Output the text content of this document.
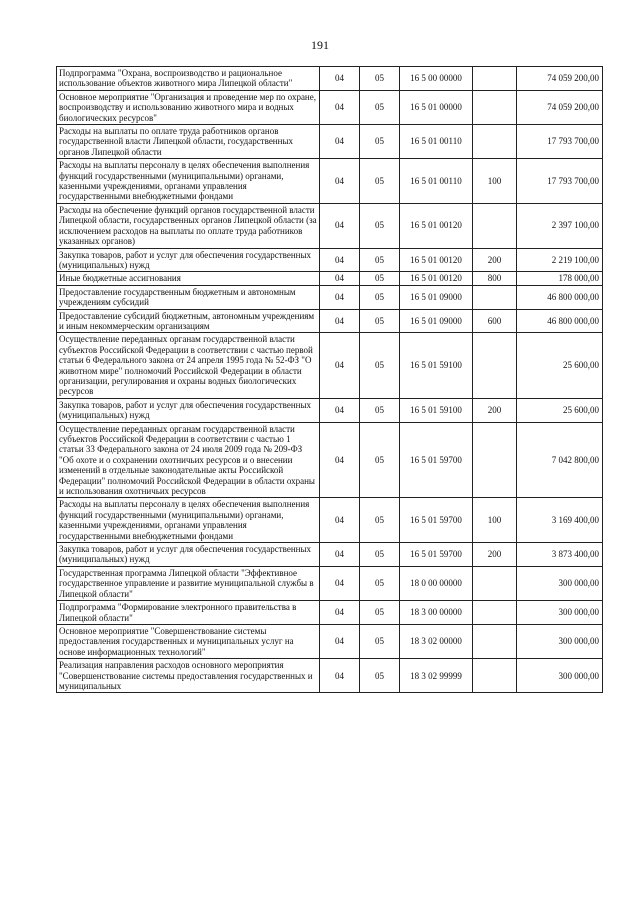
191
Подпрограмма "Охрана, воспроизводство и рациональное использование объектов животного мира Липецкой области"	04	05	16 5 00 00000		74 059 200,00
Основное мероприятие "Организация и проведение мер по охране, воспроизводству и использованию животного мира и водных биологических ресурсов"	04	05	16 5 01 00000		74 059 200,00
Расходы на выплаты по оплате труда работников органов государственной власти Липецкой области, государственных органов Липецкой области	04	05	16 5 01 00110		17 793 700,00
Расходы на выплаты персоналу в целях обеспечения выполнения функций государственными (муниципальными) органами, казенными учреждениями, органами управления государственными внебюджетными фондами	04	05	16 5 01 00110	100	17 793 700,00
Расходы на обеспечение функций органов государственной власти Липецкой области, государственных органов Липецкой области (за исключением расходов на выплаты по оплате труда работников указанных органов)	04	05	16 5 01 00120		2 397 100,00
Закупка товаров, работ и услуг для обеспечения государственных (муниципальных) нужд	04	05	16 5 01 00120	200	2 219 100,00
Иные бюджетные ассигнования	04	05	16 5 01 00120	800	178 000,00
Предоставление государственным бюджетным и автономным учреждениям субсидий	04	05	16 5 01 09000		46 800 000,00
Предоставление субсидий бюджетным, автономным учреждениям и иным некоммерческим организациям	04	05	16 5 01 09000	600	46 800 000,00
Осуществление переданных органам государственной власти субъектов Российской Федерации в соответствии с частью первой статьи 6 Федерального закона от 24 апреля 1995 года № 52-ФЗ "О животном мире" полномочий Российской Федерации в области организации, регулирования и охраны водных биологических ресурсов	04	05	16 5 01 59100		25 600,00
Закупка товаров, работ и услуг для обеспечения государственных (муниципальных) нужд	04	05	16 5 01 59100	200	25 600,00
Осуществление переданных органам государственной власти субъектов Российской Федерации в соответствии с частью 1 статьи 33 Федерального закона от 24 июля 2009 года № 209-ФЗ "Об охоте и о сохранении охотничьих ресурсов и о внесении изменений в отдельные законодательные акты Российской Федерации" полномочий Российской Федерации в области охраны и использования охотничьих ресурсов	04	05	16 5 01 59700		7 042 800,00
Расходы на выплаты персоналу в целях обеспечения выполнения функций государственными (муниципальными) органами, казенными учреждениями, органами управления государственными внебюджетными фондами	04	05	16 5 01 59700	100	3 169 400,00
Закупка товаров, работ и услуг для обеспечения государственных (муниципальных) нужд	04	05	16 5 01 59700	200	3 873 400,00
Государственная программа Липецкой области "Эффективное государственное управление и развитие муниципальной службы в Липецкой области"	04	05	18 0 00 00000		300 000,00
Подпрограмма "Формирование электронного правительства в Липецкой области"	04	05	18 3 00 00000		300 000,00
Основное мероприятие "Совершенствование системы предоставления государственных и муниципальных услуг на основе информационных технологий"	04	05	18 3 02 00000		300 000,00
Реализация направления расходов основного мероприятия "Совершенствование системы предоставления государственных и муниципальных	04	05	18 3 02 99999		300 000,00
